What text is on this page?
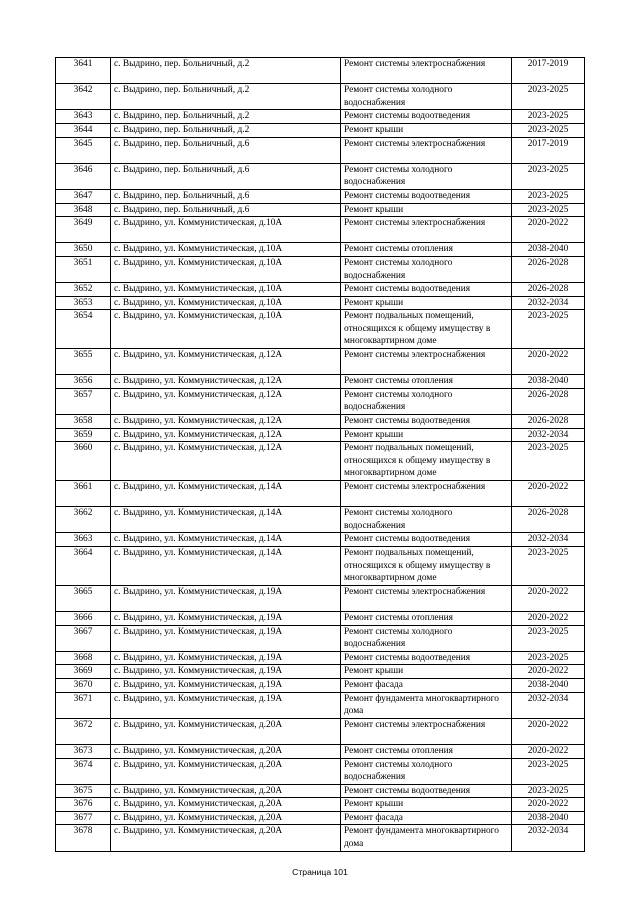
3641	с. Выдрино, пер. Больничный, д.2	Ремонт системы электроснабжения	2017-2019
3642	с. Выдрино, пер. Больничный, д.2	Ремонт системы холодного водоснабжения	2023-2025
3643	с. Выдрино, пер. Больничный, д.2	Ремонт системы водоотведения	2023-2025
3644	с. Выдрино, пер. Больничный, д.2	Ремонт крыши	2023-2025
3645	с. Выдрино, пер. Больничный, д.6	Ремонт системы электроснабжения	2017-2019
3646	с. Выдрино, пер. Больничный, д.6	Ремонт системы холодного водоснабжения	2023-2025
3647	с. Выдрино, пер. Больничный, д.6	Ремонт системы водоотведения	2023-2025
3648	с. Выдрино, пер. Больничный, д.6	Ремонт крыши	2023-2025
3649	с. Выдрино, ул. Коммунистическая, д.10А	Ремонт системы электроснабжения	2020-2022
3650	с. Выдрино, ул. Коммунистическая, д.10А	Ремонт системы отопления	2038-2040
3651	с. Выдрино, ул. Коммунистическая, д.10А	Ремонт системы холодного водоснабжения	2026-2028
3652	с. Выдрино, ул. Коммунистическая, д.10А	Ремонт системы водоотведения	2026-2028
3653	с. Выдрино, ул. Коммунистическая, д.10А	Ремонт крыши	2032-2034
3654	с. Выдрино, ул. Коммунистическая, д.10А	Ремонт подвальных помещений, относящихся к общему имуществу в многоквартирном доме	2023-2025
3655	с. Выдрино, ул. Коммунистическая, д.12А	Ремонт системы электроснабжения	2020-2022
3656	с. Выдрино, ул. Коммунистическая, д.12А	Ремонт системы отопления	2038-2040
3657	с. Выдрино, ул. Коммунистическая, д.12А	Ремонт системы холодного водоснабжения	2026-2028
3658	с. Выдрино, ул. Коммунистическая, д.12А	Ремонт системы водоотведения	2026-2028
3659	с. Выдрино, ул. Коммунистическая, д.12А	Ремонт крыши	2032-2034
3660	с. Выдрино, ул. Коммунистическая, д.12А	Ремонт подвальных помещений, относящихся к общему имуществу в многоквартирном доме	2023-2025
3661	с. Выдрино, ул. Коммунистическая, д.14А	Ремонт системы электроснабжения	2020-2022
3662	с. Выдрино, ул. Коммунистическая, д.14А	Ремонт системы холодного водоснабжения	2026-2028
3663	с. Выдрино, ул. Коммунистическая, д.14А	Ремонт системы водоотведения	2032-2034
3664	с. Выдрино, ул. Коммунистическая, д.14А	Ремонт подвальных помещений, относящихся к общему имуществу в многоквартирном доме	2023-2025
3665	с. Выдрино, ул. Коммунистическая, д.19А	Ремонт системы электроснабжения	2020-2022
3666	с. Выдрино, ул. Коммунистическая, д.19А	Ремонт системы отопления	2020-2022
3667	с. Выдрино, ул. Коммунистическая, д.19А	Ремонт системы холодного водоснабжения	2023-2025
3668	с. Выдрино, ул. Коммунистическая, д.19А	Ремонт системы водоотведения	2023-2025
3669	с. Выдрино, ул. Коммунистическая, д.19А	Ремонт крыши	2020-2022
3670	с. Выдрино, ул. Коммунистическая, д.19А	Ремонт фасада	2038-2040
3671	с. Выдрино, ул. Коммунистическая, д.19А	Ремонт фундамента многоквартирного дома	2032-2034
3672	с. Выдрино, ул. Коммунистическая, д.20А	Ремонт системы электроснабжения	2020-2022
3673	с. Выдрино, ул. Коммунистическая, д.20А	Ремонт системы отопления	2020-2022
3674	с. Выдрино, ул. Коммунистическая, д.20А	Ремонт системы холодного водоснабжения	2023-2025
3675	с. Выдрино, ул. Коммунистическая, д.20А	Ремонт системы водоотведения	2023-2025
3676	с. Выдрино, ул. Коммунистическая, д.20А	Ремонт крыши	2020-2022
3677	с. Выдрино, ул. Коммунистическая, д.20А	Ремонт фасада	2038-2040
3678	с. Выдрино, ул. Коммунистическая, д.20А	Ремонт фундамента многоквартирного дома	2032-2034
Страница 101
